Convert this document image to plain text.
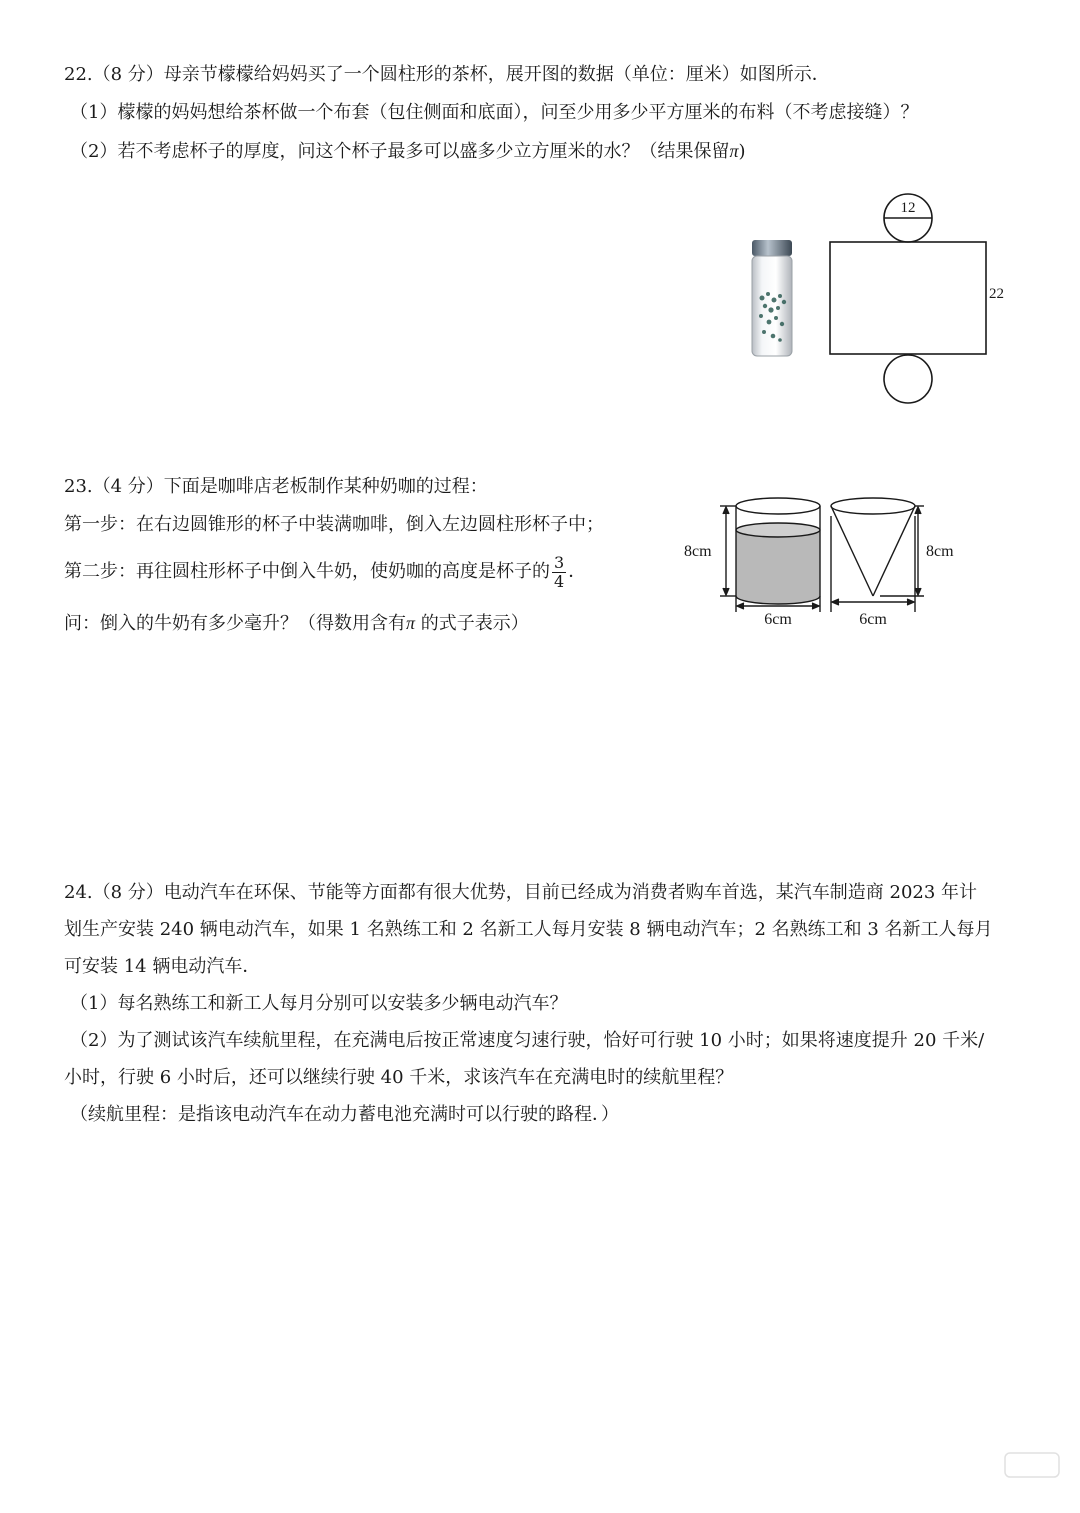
22.（8 分）母亲节檬檬给妈妈买了一个圆柱形的茶杯，展开图的数据（单位：厘米）如图所示．
（1）檬檬的妈妈想给茶杯做一个布套（包住侧面和底面），问至少用多少平方厘米的布料（不考虑接缝）？
（2）若不考虑杯子的厚度，问这个杯子最多可以盛多少立方厘米的水？（结果保留π)
12
22
23.（4 分）下面是咖啡店老板制作某种奶咖的过程：
第一步：在右边圆锥形的杯子中装满咖啡，倒入左边圆柱形杯子中；
第二步：再往圆柱形杯子中倒入牛奶，使奶咖的高度是杯子的 $\frac{3}{4}$ ．
问：倒入的牛奶有多少毫升？（得数用含有π 的式子表示）
8cm
6cm
8cm
6cm
24.（8 分）电动汽车在环保、节能等方面都有很大优势，目前已经成为消费者购车首选，某汽车制造商 2023 年计
划生产安装 240 辆电动汽车，如果 1 名熟练工和 2 名新工人每月安装 8 辆电动汽车；2 名熟练工和 3 名新工人每月
可安装 14 辆电动汽车．
（1）每名熟练工和新工人每月分别可以安装多少辆电动汽车？
（2）为了测试该汽车续航里程，在充满电后按正常速度匀速行驶，恰好可行驶 10 小时；如果将速度提升 20 千米/
小时，行驶 6 小时后，还可以继续行驶 40 千米，求该汽车在充满电时的续航里程？
（续航里程：是指该电动汽车在动力蓄电池充满时可以行驶的路程．）
